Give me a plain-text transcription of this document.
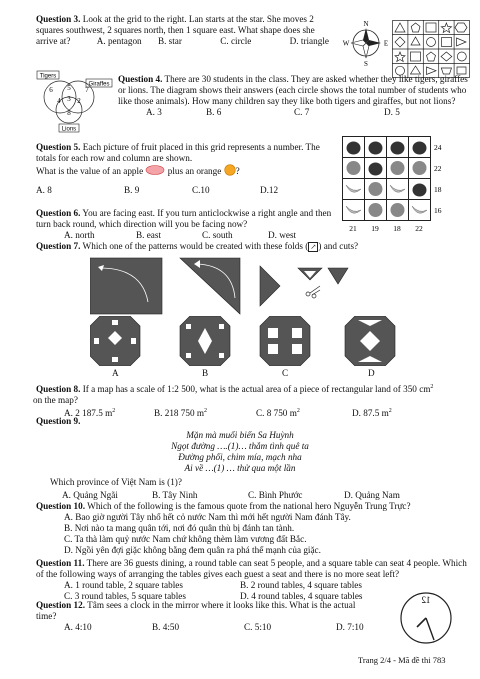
Question 3. Look at the grid to the right. Lan starts at the star. She moves 2 squares southwest, 2 squares north, then 1 square east. What shape does she arrive at?	A. pentagon B. star	C. circle	D. triangle
N
E
S
W
Tigers
Giraffes
Lions
6 5 7
4 3 2
8
Question 4. There are 30 students in the class. They are asked whether they like tigers, giraffes or lions. The diagram shows their answers (each circle shows the total number of students who like those animals). How many children say they like both tigers and giraffes, but not lions?
A. 3	B. 6	C. 7	D. 5
Question 5. Each picture of fruit placed in this grid represents a number. The totals for each row and column are shown.
What is the value of an apple  plus an orange ?
A. 8	B. 9	C.10	D.12
24
22
18
16
21 19 18 22
Question 6. You are facing east. If you turn anticlockwise a right angle and then turn back round, which direction will you be facing now?
A. north	B. east	C. south	D. west
Question 7. Which one of the patterns would be created with these folds ( ↗ ) and cuts?
A	B	C	D
Question 8. If a map has a scale of 1:2 500, what is the actual area of a piece of rectangular land of 350 $cm^2$
on the map?
A. 2 187.5 $m^2$	B. 218 750 $m^2$	C. 8 750 $m^2$	D. 87.5 $m^2$
Question 9.
Mặn mà muối biển Sa Huỳnh
Ngọt đường ….(1)… thắm tình quê ta
Đường phối, chim mía, mạch nha
Ai về …(1) … thử qua một lần
Which province of Việt Nam is (1)?
A. Quảng Ngãi	B. Tây Ninh	C. Bình Phước	D. Quảng Nam
Question 10. Which of the following is the famous quote from the national hero Nguyễn Trung Trực?
A. Bao giờ người Tây nhổ hết cỏ nước Nam thì mới hết người Nam đánh Tây.
B. Nơi nào ta mang quân tới, nơi đó quân thù bị đánh tan tành.
C. Ta thà làm quỷ nước Nam chứ không thèm làm vương đất Bắc.
D. Ngồi yên đợi giặc không bằng đem quân ra phá thế mạnh của giặc.
Question 11. There are 36 guests dining, a round table can seat 5 people, and a square table can seat 4 people. Which of the following ways of arranging the tables gives each guest a seat and there is no more seat left?
A. 1 round table, 2 square tables	B. 2 round tables, 4 square tables
C. 3 round tables, 5 square tables	D. 4 round tables, 4 square tables
Question 12. Tâm sees a clock in the mirror where it looks like this. What is the actual time?
A. 4:10	B. 4:50	C. 5:10	D. 7:10
12
Trang 2/4 - Mã đề thi 783
